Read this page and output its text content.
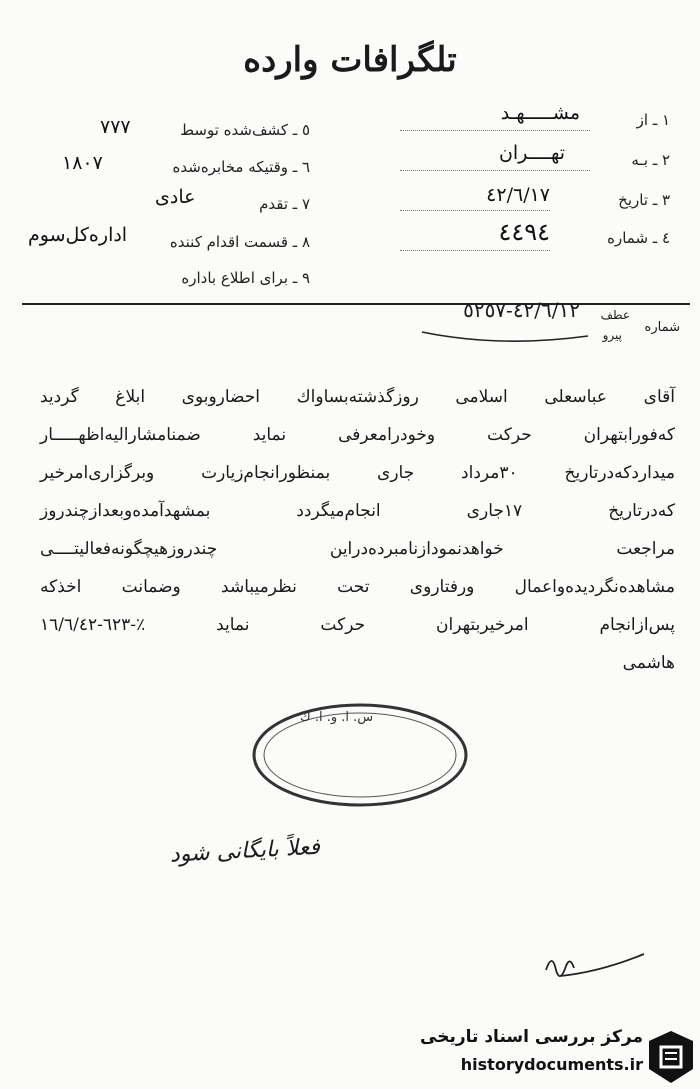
تلگرافات وارده
١ ـ از
مشـــــهـد
٢ ـ بـه
تهــــران
٣ ـ تاريخ
٤٢/٦/١٧
٤ ـ شماره
٤٤٩٤
٥ ـ كشف‌شده توسط
٧٧٧
٦ ـ وقتيكه مخابره‌شده
١٨٠٧
٧ ـ تقدم
عادى
٨ ـ قسمت اقدام كننده
اداره‌كل‌سوم
٩ ـ براى اطلاع باداره
شماره
عطف
پيرو
٤٢/٦/١٢-٥٢٥٧
آقاى عباسعلى اسلامى روزگذشته‌بساواك احضاروبوى ابلاغ گرديد
كه‌فورابتهران حركت وخودرامعرفى نمايد ضمنامشاراليه‌اظهـــــار
ميداردكه‌درتاريخ ٣٠مرداد جارى بمنظورانجام‌زيارت وبرگزارى‌امرخير
كه‌درتاريخ ١٧جارى انجام‌ميگردد بمشهدآمده‌وبعدازچندروز
مراجعت خواهدنمودازنامبرده‌دراين چندروزهيچگونه‌فعاليتــــى
مشاهده‌نگرديده‌واعمال ورفتاروى تحت نظرميباشد وضمانت اخذكه
پس‌ازانجام امرخيربتهران حركت نمايد ٪-٦٢٣-١٦/٦/٤٢
هاشمى
س. ا. و. ا. ك
فعلاً بايگانى شود
مركز بررسی اسناد تاريخی
historydocuments.ir
